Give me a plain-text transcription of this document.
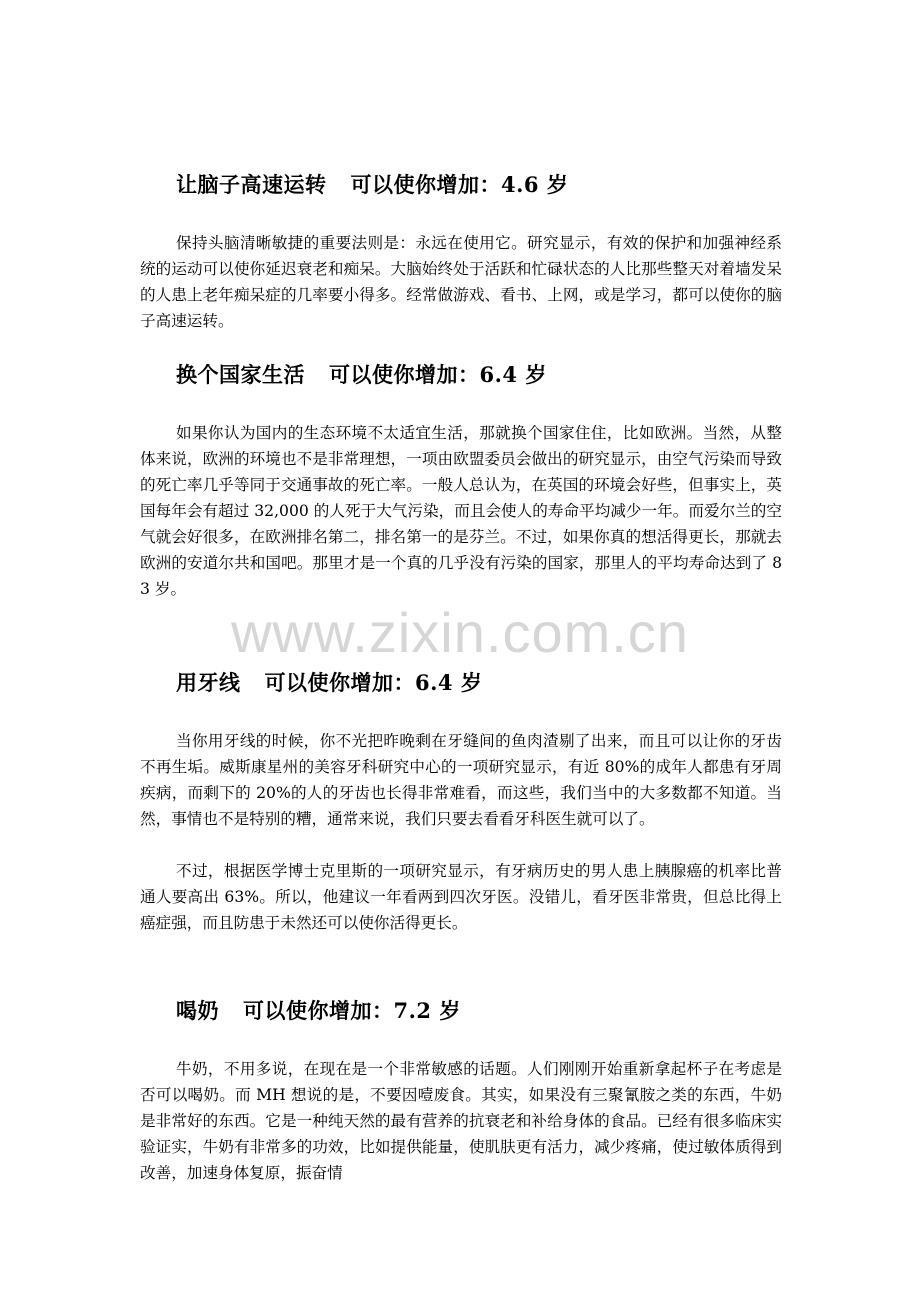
www.zixin.com.cn
让脑子高速运转 可以使你增加：4.6 岁

保持头脑清晰敏捷的重要法则是：永远在使用它。研究显示，有效的保护和加强神经系统的运动可以使你延迟衰老和痴呆。大脑始终处于活跃和忙碌状态的人比那些整天对着墙发呆的人患上老年痴呆症的几率要小得多。经常做游戏、看书、上网，或是学习，都可以使你的脑子高速运转。

换个国家生活 可以使你增加：6.4 岁

如果你认为国内的生态环境不太适宜生活，那就换个国家住住，比如欧洲。当然，从整体来说，欧洲的环境也不是非常理想，一项由欧盟委员会做出的研究显示，由空气污染而导致的死亡率几乎等同于交通事故的死亡率。一般人总认为，在英国的环境会好些，但事实上，英国每年会有超过 32,000 的人死于大气污染，而且会使人的寿命平均减少一年。而爱尔兰的空气就会好很多，在欧洲排名第二，排名第一的是芬兰。不过，如果你真的想活得更长，那就去欧洲的安道尔共和国吧。那里才是一个真的几乎没有污染的国家，那里人的平均寿命达到了 83 岁。

用牙线 可以使你增加：6.4 岁

当你用牙线的时候，你不光把昨晚剩在牙缝间的鱼肉渣剔了出来，而且可以让你的牙齿不再生垢。威斯康星州的美容牙科研究中心的一项研究显示，有近 80%的成年人都患有牙周疾病，而剩下的 20%的人的牙齿也长得非常难看，而这些，我们当中的大多数都不知道。当然，事情也不是特别的糟，通常来说，我们只要去看看牙科医生就可以了。

不过，根据医学博士克里斯的一项研究显示，有牙病历史的男人患上胰腺癌的机率比普通人要高出 63%。所以，他建议一年看两到四次牙医。没错儿，看牙医非常贵，但总比得上癌症强，而且防患于未然还可以使你活得更长。

喝奶 可以使你增加：7.2 岁

牛奶，不用多说，在现在是一个非常敏感的话题。人们刚刚开始重新拿起杯子在考虑是否可以喝奶。而 MH 想说的是，不要因噎废食。其实，如果没有三聚氰胺之类的东西，牛奶是非常好的东西。它是一种纯天然的最有营养的抗衰老和补给身体的食品。已经有很多临床实验证实，牛奶有非常多的功效，比如提供能量，使肌肤更有活力，减少疼痛，使过敏体质得到改善，加速身体复原，振奋情
